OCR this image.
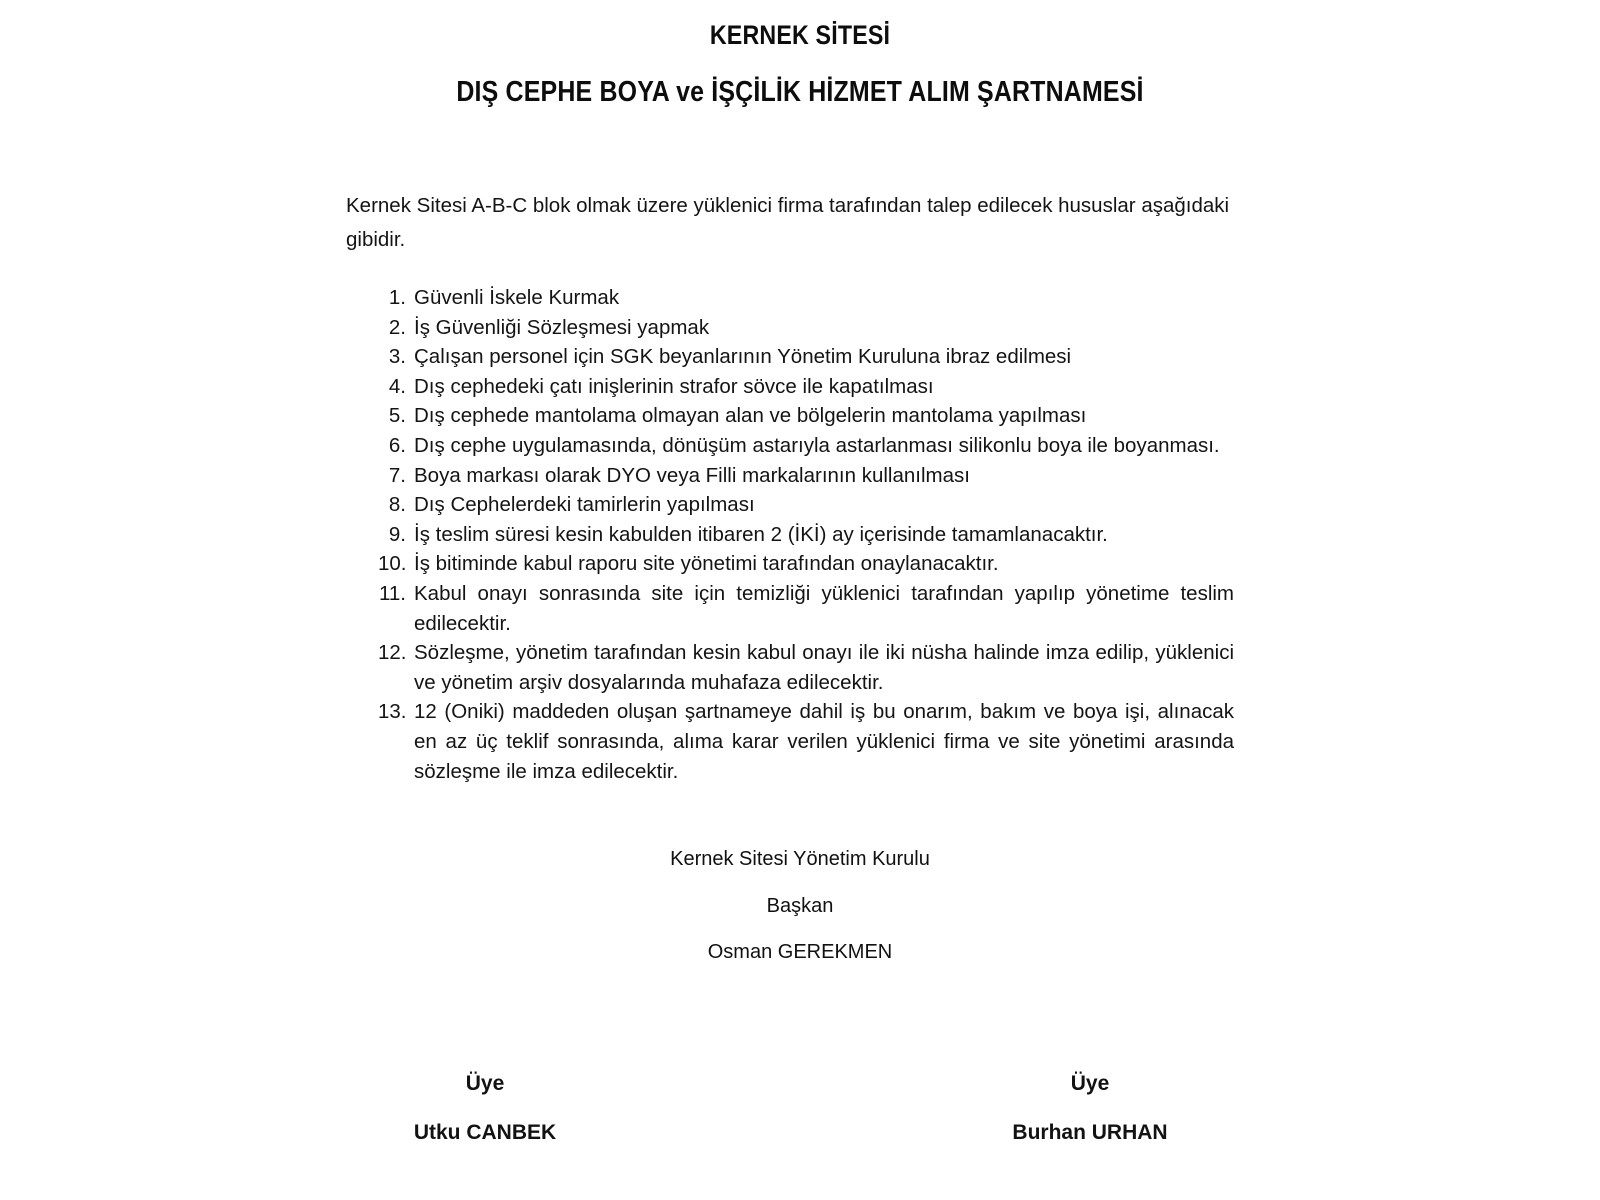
KERNEK SİTESİ
DIŞ CEPHE BOYA ve İŞÇİLİK HİZMET ALIM ŞARTNAMESİ

Kernek Sitesi A-B-C blok olmak üzere yüklenici firma tarafından talep edilecek hususlar aşağıdaki gibidir.

1. Güvenli İskele Kurmak
2. İş Güvenliği Sözleşmesi yapmak
3. Çalışan personel için SGK beyanlarının Yönetim Kuruluna ibraz edilmesi
4. Dış cephedeki çatı inişlerinin strafor sövce ile kapatılması
5. Dış cephede mantolama olmayan alan ve bölgelerin mantolama yapılması
6. Dış cephe uygulamasında, dönüşüm astarıyla astarlanması silikonlu boya ile boyanması.
7. Boya markası olarak DYO veya Filli markalarının kullanılması
8. Dış Cephelerdeki tamirlerin yapılması
9. İş teslim süresi kesin kabulden itibaren 2 (İKİ) ay içerisinde tamamlanacaktır.
10. İş bitiminde kabul raporu site yönetimi tarafından onaylanacaktır.
11. Kabul onayı sonrasında site için temizliği yüklenici tarafından yapılıp yönetime teslim edilecektir.
12. Sözleşme, yönetim tarafından kesin kabul onayı ile iki nüsha halinde imza edilip, yüklenici ve yönetim arşiv dosyalarında muhafaza edilecektir.
13. 12 (Oniki) maddeden oluşan şartnameye dahil iş bu onarım, bakım ve boya işi, alınacak en az üç teklif sonrasında, alıma karar verilen yüklenici firma ve site yönetimi arasında sözleşme ile imza edilecektir.
Kernek Sitesi Yönetim Kurulu
Başkan
Osman GEREKMEN
Üye
Utku CANBEK
Üye
Burhan URHAN
